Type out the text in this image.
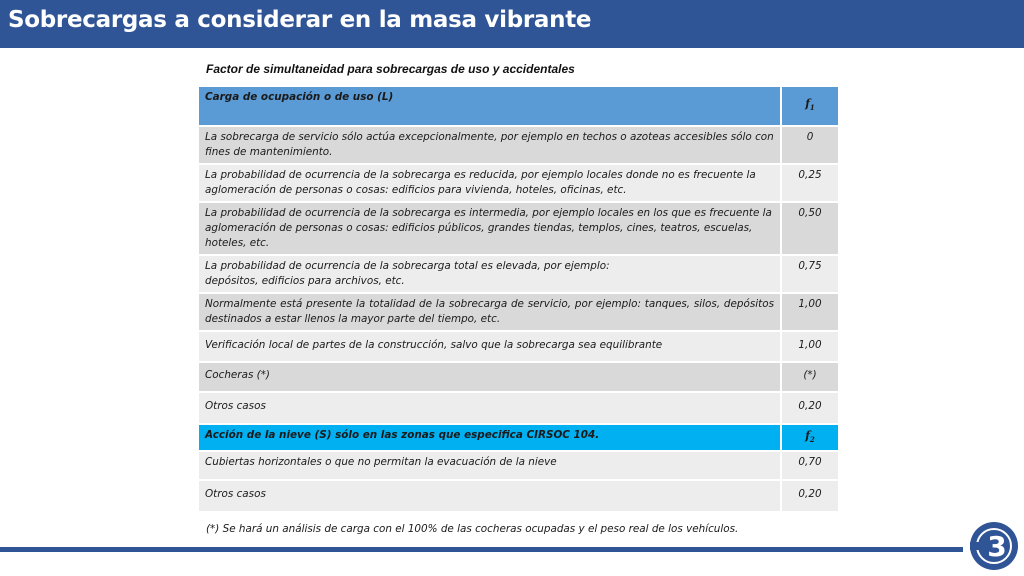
Sobrecargas a considerar en la masa vibrante
Factor de simultaneidad para sobrecargas de uso y accidentales
Carga de ocupación o de uso (L)	$f_1$
La sobrecarga de servicio sólo actúa excepcionalmente, por ejemplo en techos o azoteas accesibles sólo con fines de mantenimiento.	0
La probabilidad de ocurrencia de la sobrecarga es reducida, por ejemplo locales donde no es frecuente la aglomeración de personas o cosas: edificios para vivienda, hoteles, oficinas, etc.	0,25
La probabilidad de ocurrencia de la sobrecarga es intermedia, por ejemplo locales en los que es frecuente la aglomeración de personas o cosas: edificios públicos, grandes tiendas, templos, cines, teatros, escuelas, hoteles, etc.	0,50

La probabilidad de ocurrencia de la sobrecarga total es elevada, por ejemplo:
depósitos, edificios para archivos, etc.	0,75
Normalmente está presente la totalidad de la sobrecarga de servicio, por ejemplo: tanques, silos, depósitos destinados a estar llenos la mayor parte del tiempo, etc.	1,00
Verificación local de partes de la construcción, salvo que la sobrecarga sea equilibrante	1,00
Cocheras (*)	(*)
Otros casos	0,20
Acción de la nieve (S) sólo en las zonas que especifica CIRSOC 104.	$f_2$
Cubiertas horizontales o que no permitan la evacuación de la nieve	0,70
Otros casos	0,20
(*) Se hará un análisis de carga con el 100% de las cocheras ocupadas y el peso real de los vehículos.
3
